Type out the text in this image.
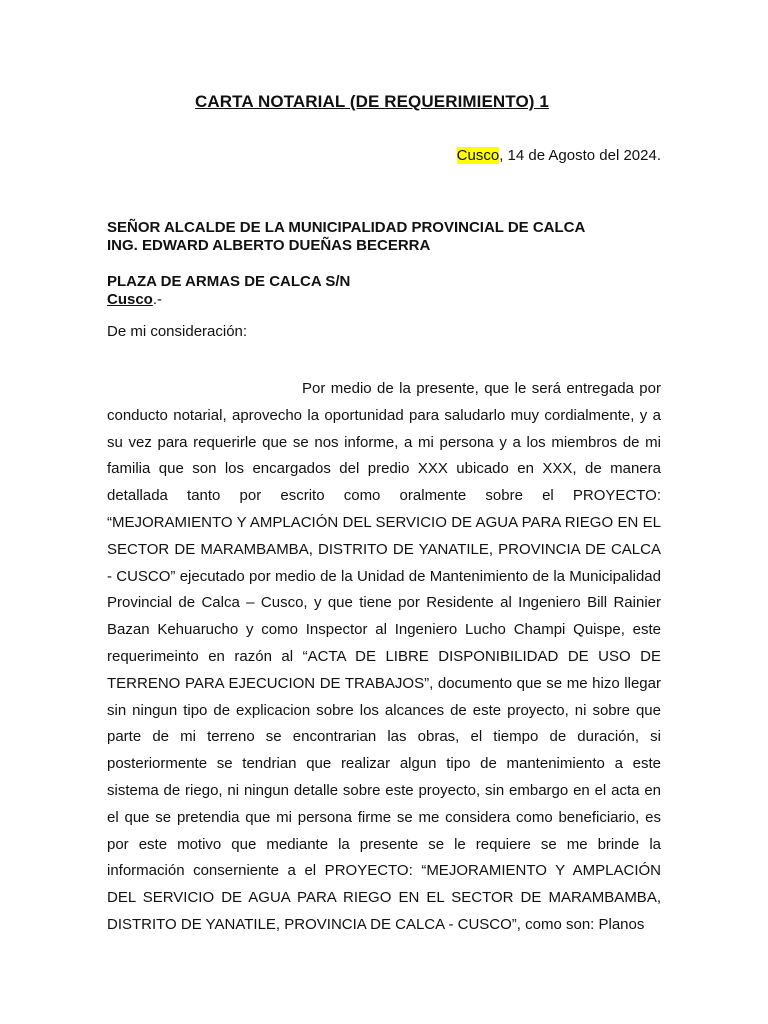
CARTA NOTARIAL (DE REQUERIMIENTO) 1
Cusco, 14 de Agosto del 2024.
SEÑOR ALCALDE DE LA MUNICIPALIDAD PROVINCIAL DE CALCA
ING. EDWARD ALBERTO DUEÑAS BECERRA
PLAZA DE ARMAS DE CALCA S/N
Cusco.-
De mi consideración:

Por medio de la presente, que le será entregada por conducto notarial, aprovecho la oportunidad para saludarlo muy cordialmente, y a su vez para requerirle que se nos informe, a mi persona y a los miembros de mi familia que son los encargados del predio XXX ubicado en XXX, de manera detallada tanto por escrito como oralmente sobre el PROYECTO: “MEJORAMIENTO Y AMPLACIÓN DEL SERVICIO DE AGUA PARA RIEGO EN EL SECTOR DE MARAMBAMBA, DISTRITO DE YANATILE, PROVINCIA DE CALCA - CUSCO” ejecutado por medio de la Unidad de Mantenimiento de la Municipalidad Provincial de Calca – Cusco, y que tiene por Residente al Ingeniero Bill Rainier Bazan Kehuarucho y como Inspector al Ingeniero Lucho Champi Quispe, este requerimeinto en razón al “ACTA DE LIBRE DISPONIBILIDAD DE USO DE TERRENO PARA EJECUCION DE TRABAJOS”, documento que se me hizo llegar sin ningun tipo de explicacion sobre los alcances de este proyecto, ni sobre que parte de mi terreno se encontrarian las obras, el tiempo de duración, si posteriormente se tendrian que realizar algun tipo de mantenimiento a este sistema de riego, ni ningun detalle sobre este proyecto, sin embargo en el acta en el que se pretendia que mi persona firme se me considera como beneficiario, es por este motivo que mediante la presente se le requiere se me brinde la información conserniente a el PROYECTO: “MEJORAMIENTO Y AMPLACIÓN DEL SERVICIO DE AGUA PARA RIEGO EN EL SECTOR DE MARAMBAMBA, DISTRITO DE YANATILE, PROVINCIA DE CALCA - CUSCO”, como son: Planos
